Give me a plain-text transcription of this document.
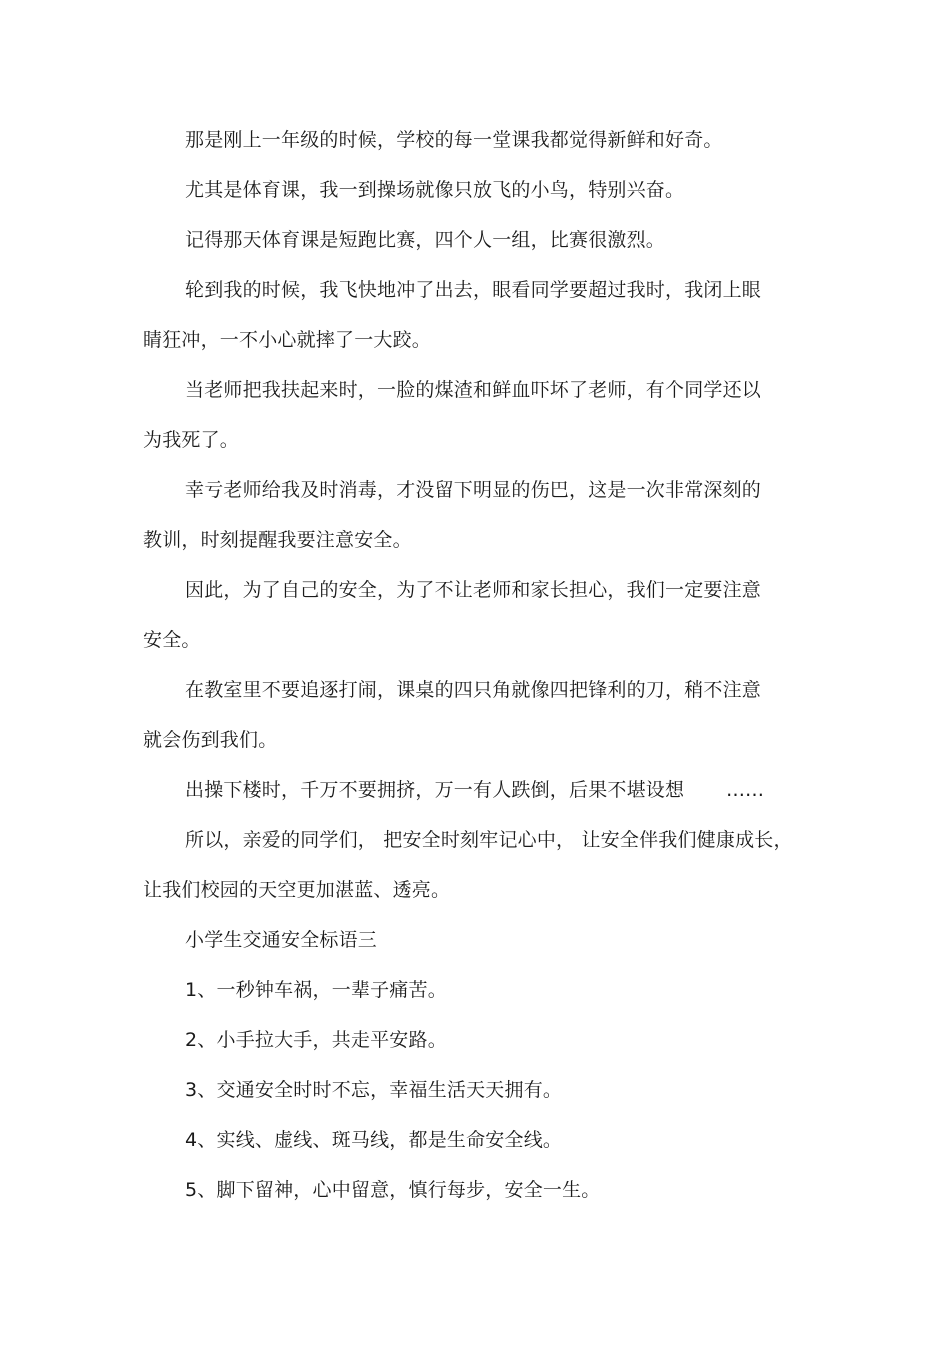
那是刚上一年级的时候，学校的每一堂课我都觉得新鲜和好奇。
尤其是体育课，我一到操场就像只放飞的小鸟，特别兴奋。
记得那天体育课是短跑比赛，四个人一组，比赛很激烈。
轮到我的时候，我飞快地冲了出去，眼看同学要超过我时，我闭上眼
睛狂冲，一不小心就摔了一大跤。
当老师把我扶起来时，一脸的煤渣和鲜血吓坏了老师，有个同学还以
为我死了。
幸亏老师给我及时消毒，才没留下明显的伤巴，这是一次非常深刻的
教训，时刻提醒我要注意安全。
因此，为了自己的安全，为了不让老师和家长担心，我们一定要注意
安全。
在教室里不要追逐打闹，课桌的四只角就像四把锋利的刀，稍不注意
就会伤到我们。
出操下楼时，千万不要拥挤，万一有人跌倒，后果不堪设想 ……
所以，亲爱的同学们， 把安全时刻牢记心中， 让安全伴我们健康成长，
让我们校园的天空更加湛蓝、透亮。
小学生交通安全标语三
1、一秒钟车祸，一辈子痛苦。
2、小手拉大手，共走平安路。
3、交通安全时时不忘，幸福生活天天拥有。
4、实线、虚线、斑马线，都是生命安全线。
5、脚下留神，心中留意，慎行每步，安全一生。
